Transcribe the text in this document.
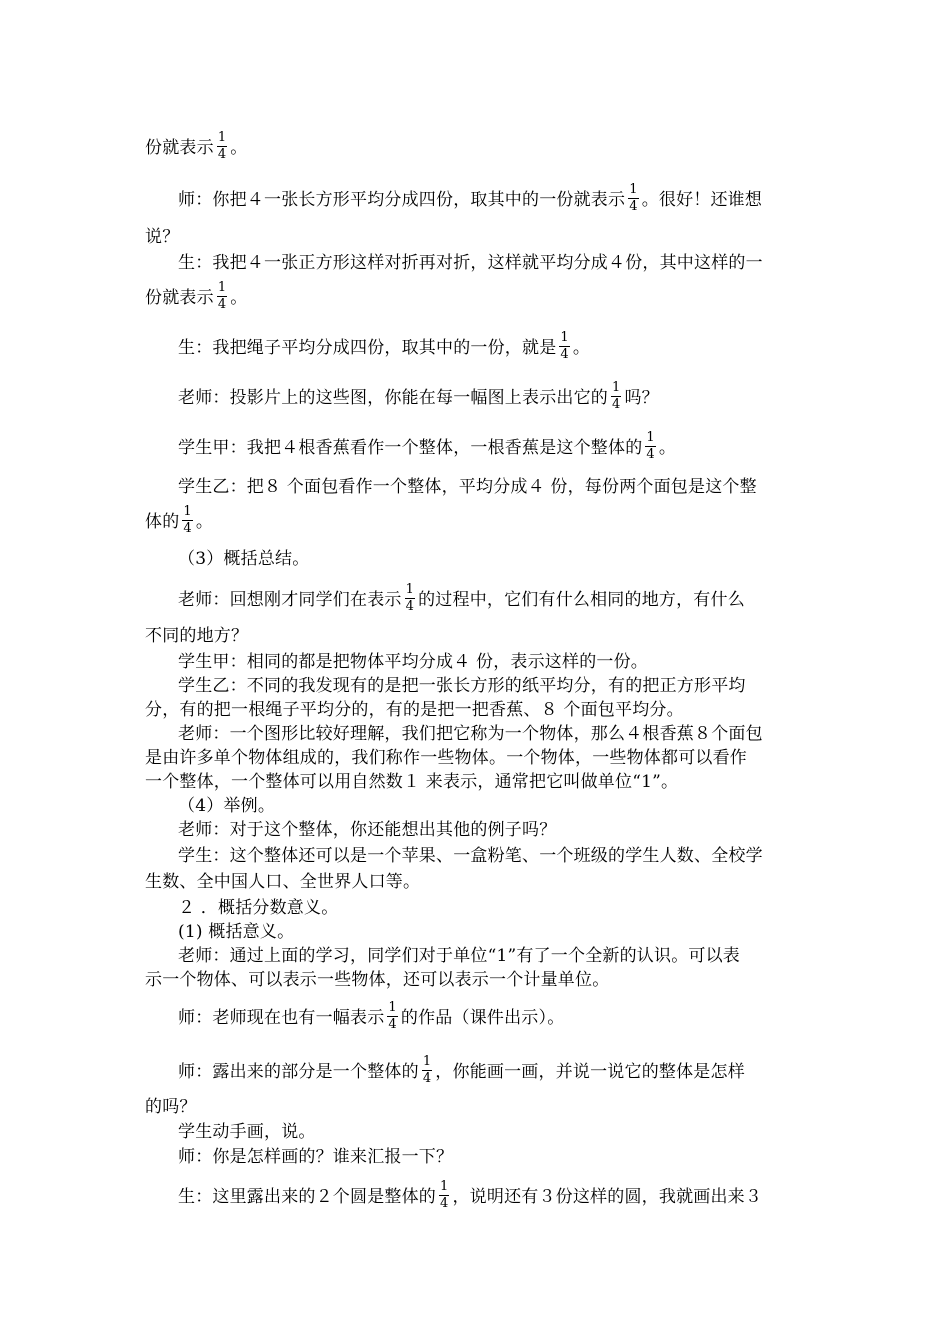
份就表示 $\frac{1}{4}$ 。
师：你把４一张长方形平均分成四份，取其中的一份就表示 $\frac{1}{4}$ 。很好！还谁想
说？
生：我把４一张正方形这样对折再对折，这样就平均分成４份，其中这样的一
份就表示 $\frac{1}{4}$ 。
生：我把绳子平均分成四份，取其中的一份，就是 $\frac{1}{4}$ 。
老师：投影片上的这些图，你能在每一幅图上表示出它的 $\frac{1}{4}$ 吗？
学生甲：我把４根香蕉看作一个整体，一根香蕉是这个整体的 $\frac{1}{4}$ 。
学生乙：把８ 个面包看作一个整体，平均分成４ 份，每份两个面包是这个整
体的 $\frac{1}{4}$ 。
（3）概括总结。
老师：回想刚才同学们在表示 $\frac{1}{4}$ 的过程中，它们有什么相同的地方，有什么
不同的地方？
学生甲：相同的都是把物体平均分成４ 份，表示这样的一份。
学生乙：不同的我发现有的是把一张长方形的纸平均分，有的把正方形平均
分，有的把一根绳子平均分的，有的是把一把香蕉、８ 个面包平均分。
老师：一个图形比较好理解，我们把它称为一个物体，那么４根香蕉８个面包
是由许多单个物体组成的，我们称作一些物体。一个物体，一些物体都可以看作
一个整体，一个整体可以用自然数１ 来表示，通常把它叫做单位“1”。
（4）举例。
老师：对于这个整体，你还能想出其他的例子吗？
学生：这个整体还可以是一个苹果、一盒粉笔、一个班级的学生人数、全校学
生数、全中国人口、全世界人口等。
２ ．概括分数意义。
(1) 概括意义。
老师：通过上面的学习，同学们对于单位“1”有了一个全新的认识。可以表
示一个物体、可以表示一些物体，还可以表示一个计量单位。
师：老师现在也有一幅表示 $\frac{1}{4}$ 的作品（课件出示）。
师：露出来的部分是一个整体的 $\frac{1}{4}$ ，你能画一画，并说一说它的整体是怎样
的吗？
学生动手画，说。
师：你是怎样画的？谁来汇报一下？
生：这里露出来的２个圆是整体的 $\frac{1}{4}$ ，说明还有３份这样的圆，我就画出来３
